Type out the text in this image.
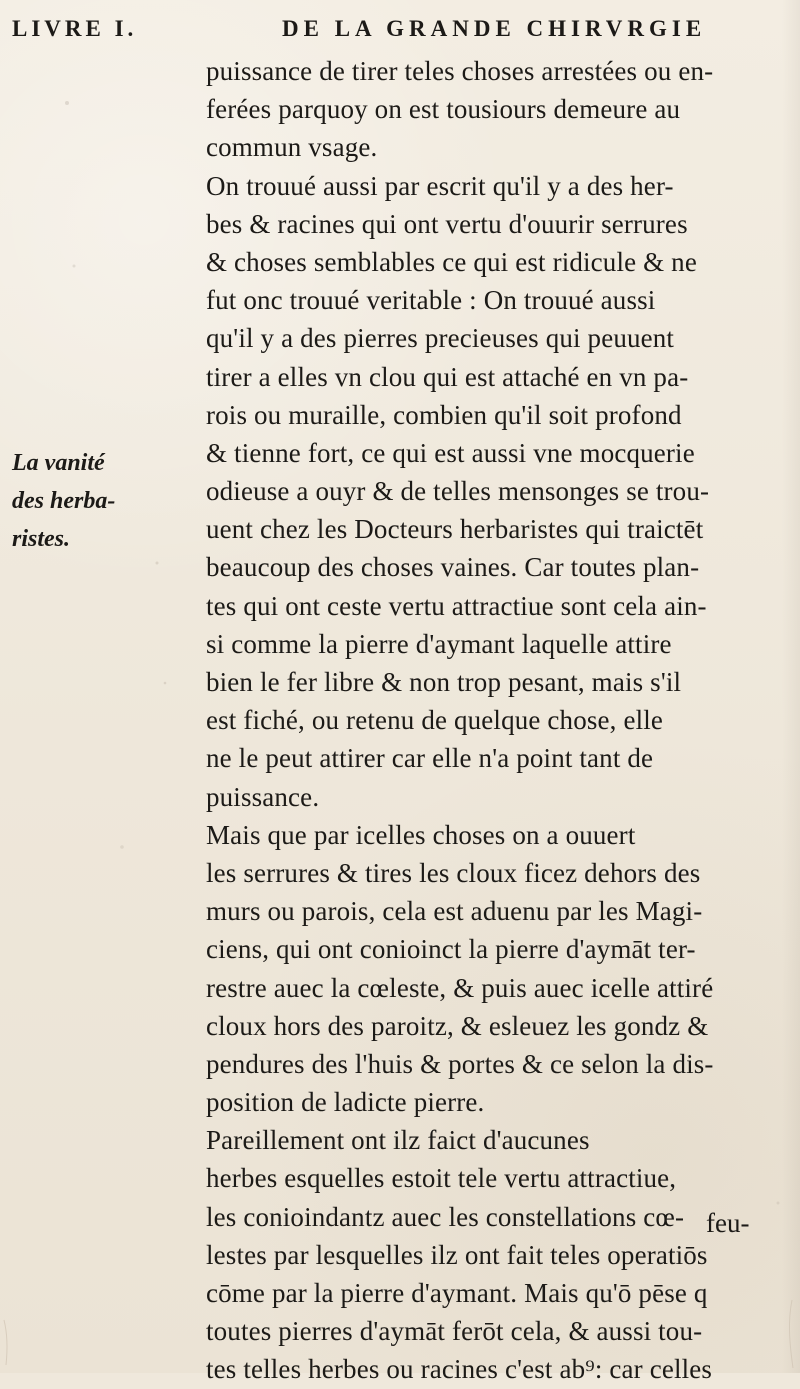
LIVRE I.	DE LA GRANDE CHIRVRGIE
La vanité
des herba-
ristes.
puissance de tirer teles choses arrestées ou en-
ferées parquoy on est tousiours demeure au
commun vsage.
On trouué aussi par escrit qu'il y a des her-
bes & racines qui ont vertu d'ouurir serrures
& choses semblables ce qui est ridicule & ne
fut onc trouué veritable : On trouué aussi
qu'il y a des pierres precieuses qui peuuent
tirer a elles vn clou qui est attaché en vn pa-
rois ou muraille, combien qu'il soit profond
& tienne fort, ce qui est aussi vne mocquerie
odieuse a ouyr & de telles mensonges se trou-
uent chez les Docteurs herbaristes qui traictēt
beaucoup des choses vaines. Car toutes plan-
tes qui ont ceste vertu attractiue sont cela ain-
si comme la pierre d'aymant laquelle attire
bien le fer libre & non trop pesant, mais s'il
est fiché, ou retenu de quelque chose, elle
ne le peut attirer car elle n'a point tant de
puissance.
Mais que par icelles choses on a ouuert
les serrures & tires les cloux ficez dehors des
murs ou parois, cela est aduenu par les Magi-
ciens, qui ont conioinct la pierre d'aymāt ter-
restre auec la cœleste, & puis auec icelle attiré
cloux hors des paroitz, & esleuez les gondz &
pendures des l'huis & portes & ce selon la dis-
position de ladicte pierre.
Pareillement ont ilz faict d'aucunes
herbes esquelles estoit tele vertu attractiue,
les conioindantz auec les constellations cœ-
lestes par lesquelles ilz ont fait teles operatiōs
cōme par la pierre d'aymant. Mais qu'ō pēse q
toutes pierres d'aymāt ferōt cela, & aussi tou-
tes telles herbes ou racines c'est ab⁹: car celles
feu-
